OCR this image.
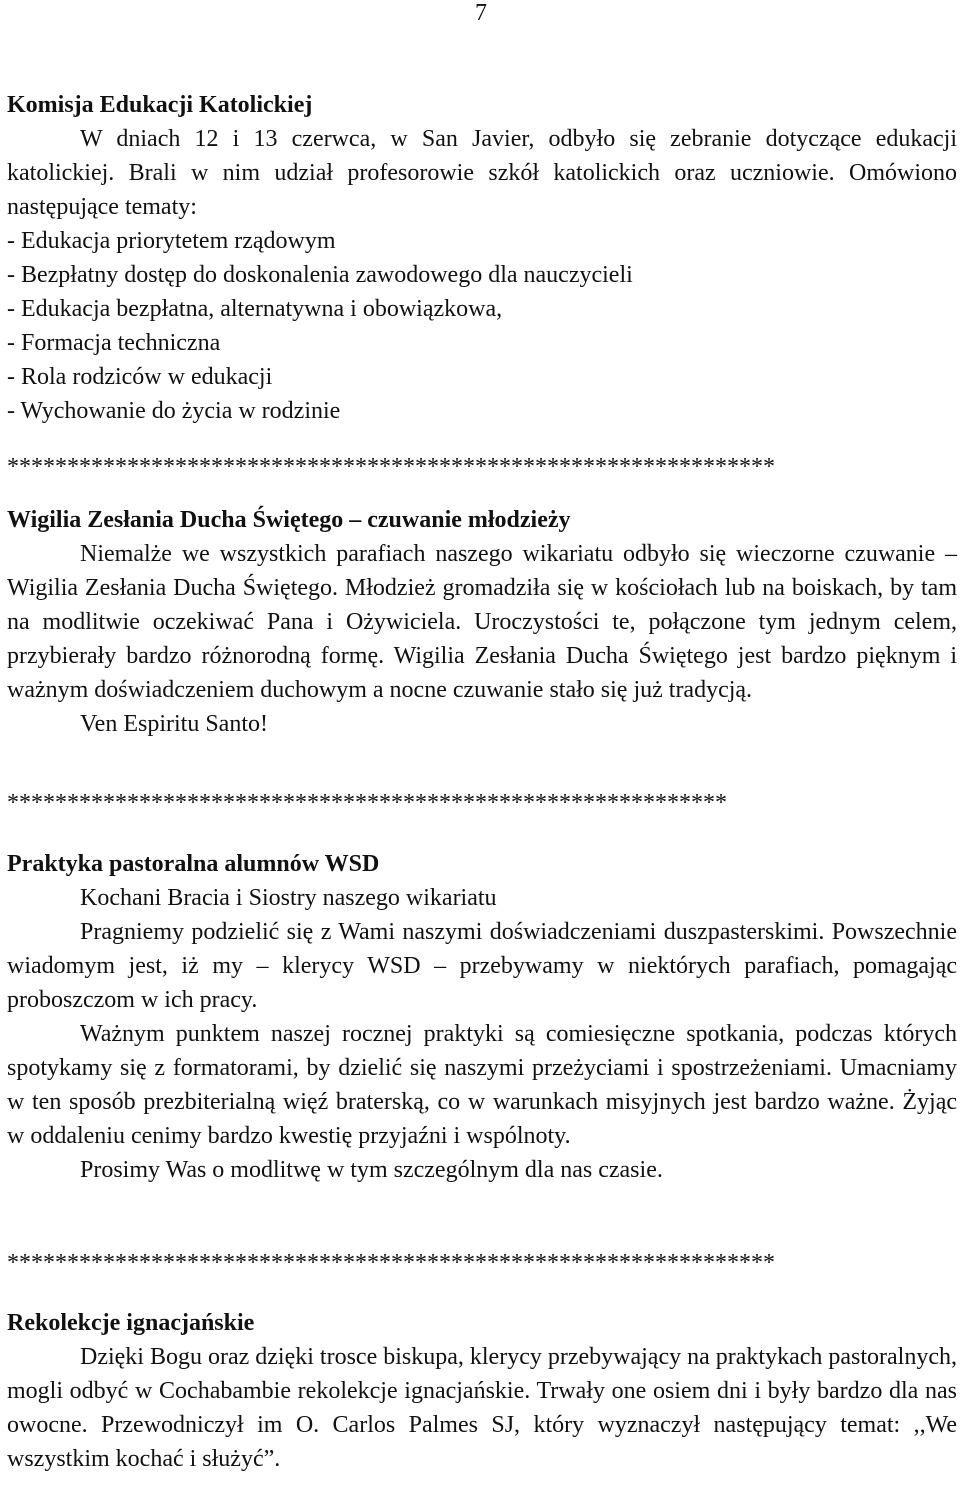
7

Komisja Edukacji Katolickiej

W dniach 12 i 13 czerwca, w San Javier, odbyło się zebranie dotyczące edukacji katolickiej. Brali w nim udział profesorowie szkół katolickich oraz uczniowie. Omówiono następujące tematy:

- Edukacja priorytetem rządowym
- Bezpłatny dostęp do doskonalenia zawodowego dla nauczycieli
- Edukacja bezpłatna, alternatywna i obowiązkowa,
- Formacja techniczna
- Rola rodziców w edukacji
- Wychowanie do życia w rodzinie

****************************************************************

Wigilia Zesłania Ducha Świętego – czuwanie młodzieży

Niemalże we wszystkich parafiach naszego wikariatu odbyło się wieczorne czuwanie – Wigilia Zesłania Ducha Świętego. Młodzież gromadziła się w kościołach lub na boiskach, by tam na modlitwie oczekiwać Pana i Ożywiciela. Uroczystości te, połączone tym jednym celem, przybierały bardzo różnorodną formę. Wigilia Zesłania Ducha Świętego jest bardzo pięknym i ważnym doświadczeniem duchowym a nocne czuwanie stało się już tradycją.

Ven Espiritu Santo!

************************************************************

Praktyka pastoralna alumnów WSD

Kochani Bracia i Siostry naszego wikariatu

Pragniemy podzielić się z Wami naszymi doświadczeniami duszpasterskimi. Powszechnie wiadomym jest, iż my – klerycy WSD – przebywamy w niektórych parafiach, pomagając proboszczom w ich pracy.

Ważnym punktem naszej rocznej praktyki są comiesięczne spotkania, podczas których spotykamy się z formatorami, by dzielić się naszymi przeżyciami i spostrzeżeniami. Umacniamy w ten sposób prezbiterialną więź braterską, co w warunkach misyjnych jest bardzo ważne. Żyjąc w oddaleniu cenimy bardzo kwestię przyjaźni i wspólnoty.

Prosimy Was o modlitwę w tym szczególnym dla nas czasie.

****************************************************************

Rekolekcje ignacjańskie

Dzięki Bogu oraz dzięki trosce biskupa, klerycy przebywający na praktykach pastoralnych, mogli odbyć w Cochabambie rekolekcje ignacjańskie. Trwały one osiem dni i były bardzo dla nas owocne. Przewodniczył im O. Carlos Palmes SJ, który wyznaczył następujący temat: ,,We wszystkim kochać i służyć”.
